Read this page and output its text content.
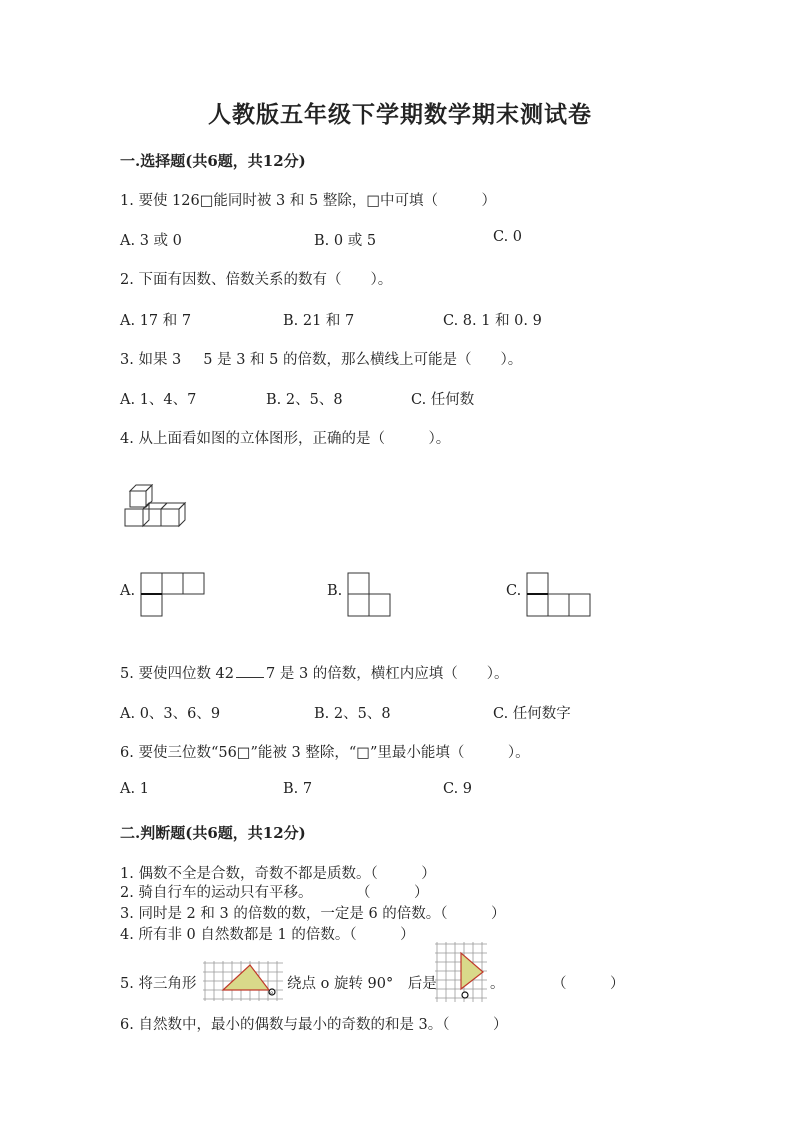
人教版五年级下学期数学期末测试卷
一.选择题(共6题，共12分)
1. 要使 126□能同时被 3 和 5 整除，□中可填（　　　）
A. 3 或 0	B. 0 或 5	C. 0
2. 下面有因数、倍数关系的数有（　　）。
A. 17 和 7	B. 21 和 7	C. 8. 1 和 0. 9
3. 如果 3 5 是 3 和 5 的倍数，那么横线上可能是（　　）。
A. 1、4、7	B. 2、5、8	C. 任何数
4. 从上面看如图的立体图形，正确的是（　　　）。
A.	B.	C.
5. 要使四位数 42 7 是 3 的倍数，横杠内应填（　　）。
A. 0、3、6、9	B. 2、5、8	C. 任何数字
6. 要使三位数“56□”能被 3 整除，“□”里最小能填（　　　）。
A. 1	B. 7	C. 9
二.判断题(共6题，共12分)
1. 偶数不全是合数，奇数不都是质数。（　　　）
2. 骑自行车的运动只有平移。　　　　（　　　）
3. 同时是 2 和 3 的倍数的数，一定是 6 的倍数。（　　　）
4. 所有非 0 自然数都是 1 的倍数。（　　　）
5. 将三角形
o
绕点 o 旋转 90°　后是	。	（　　　）
6. 自然数中，最小的偶数与最小的奇数的和是 3。（　　　）
